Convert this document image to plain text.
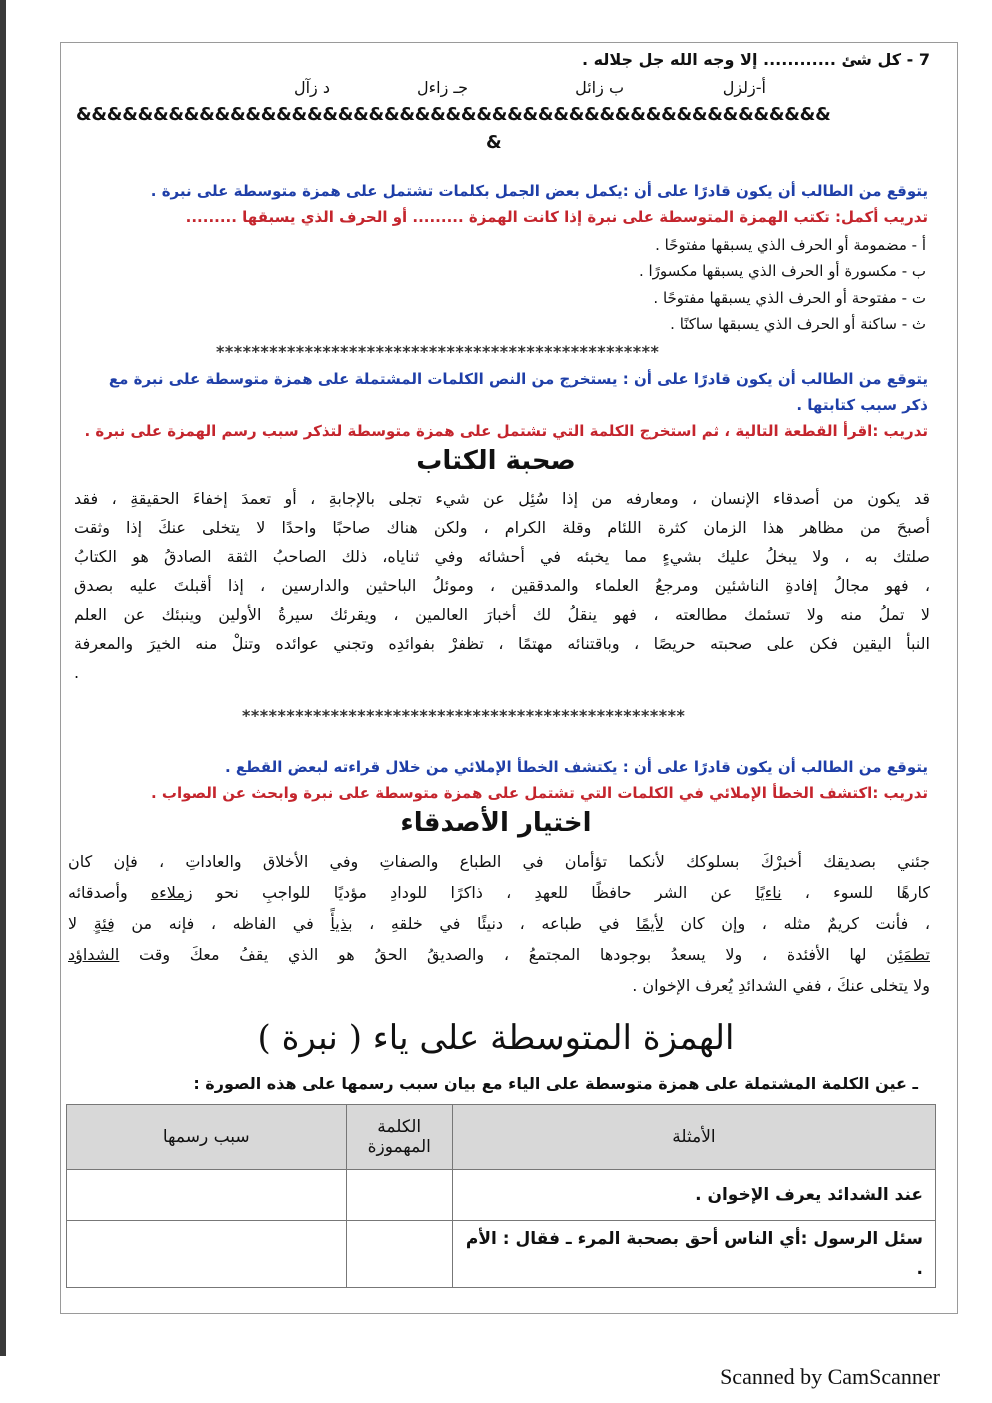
7 - كل شئ ............ إلا وجه الله جل جلاله .
أ-زلزل
ب زائل
جـ زاءل
د زآل
&&&&&&&&&&&&&&&&&&&&&&&&&&&&&&&&&&&&&&&&&&&&&&&&&
&
يتوقع من الطالب أن يكون قادرًا على أن :يكمل بعض الجمل بكلمات تشتمل على همزة متوسطة على نبرة .
تدريب أكمل: تكتب الهمزة المتوسطة على نبرة إذا كانت الهمزة ......... أو الحرف الذي يسبقها .........
أ - مضمومة أو الحرف الذي يسبقها مفتوحًا .
ب - مكسورة أو الحرف الذي يسبقها مكسورًا .
ت - مفتوحة أو الحرف الذي يسبقها مفتوحًا .
ث - ساكنة أو الحرف الذي يسبقها ساكنًا .
**************************************************
يتوقع من الطالب أن يكون قادرًا على أن : يستخرج من النص الكلمات المشتملة على همزة متوسطة على نبرة مع
ذكر سبب كتابتها .
تدريب :اقرأ القطعة التالية ، ثم استخرج الكلمة التي تشتمل على همزة متوسطة لتذكر سبب رسم الهمزة على نبرة .
صحبة الكتاب
قد يكون من أصدقاء الإنسان ، ومعارفه من إذا سُئِل عن شيء تجلى بالإجابةِ ، أو تعمدَ إخفاءَ الحقيقةِ ، فقد
أصبحَ من مظاهر هذا الزمان كثرة اللئام وقلة الكرام ، ولكن هناك صاحبًا واحدًا لا يتخلى عنكَ إذا وثقت
صلتك به ، ولا يبخلُ عليك بشيءٍ مما يخبئه في أحشائه وفي ثناياه، ذلك الصاحبُ الثقة الصادقُ هو الكتابُ
، فهو مجالُ إفادةِ الناشئين ومرجعُ العلماء والمدققين ، وموئلُ الباحثين والدارسين ، إذا أقبلتَ عليه بصدق
لا تملُ منه ولا تسئمك مطالعته ، فهو ينقلُ لك أخبارَ العالمين ، ويقرئك سيرةُ الأولين وينبئك عن العلم
النبأ اليقين فكن على صحبته حريصًا ، وباقتنائه مهتمًا ، تظفرْ بفوائدِه وتجني عوائده وتنلْ منه الخيرَ والمعرفة
.
**************************************************
يتوقع من الطالب أن يكون قادرًا على أن : يكتشف الخطأ الإملائي من خلال قراءته لبعض القطع .
تدريب :اكتشف الخطأ الإملائي في الكلمات التي تشتمل على همزة متوسطة على نبرة وابحث عن الصواب .
اختيار الأصدقاء
جئني بصديقك أخبرْكَ بسلوكك لأنكما تؤأمان في الطباع والصفاتِ وفي الأخلاق والعاداتِ ، فإن كان
كارهًا للسوء ، ناءيًا عن الشر حافظًا للعهدِ ، ذاكرًا للودادِ مؤديًا للواجبِ نحو زملاءه وأصدقائه
، فأنت كريمٌ مثله ، وإن كان لأيمًا في طباعه ، دنيئًا في خلقهِ ، بذيأً في الفاظه ، فإنه من فِئةٍ لا
تطمَئِن لها الأفئدة ، ولا يسعدُ بوجودها المجتمعُ ، والصديقُ الحقُ هو الذي يقفُ معكَ وقت الشداؤد
ولا يتخلى عنكَ ، ففي الشدائدِ يُعرف الإخوان .
الهمزة المتوسطة على ياء ( نبرة )
ـ عين الكلمة المشتملة على همزة متوسطة على الياء مع بيان سبب رسمها على هذه الصورة :
الأمثلة	الكلمة المهموزة	سبب رسمها
عند الشدائد يعرف الإخوان .		
سئل الرسول :أي الناس أحق بصحبة المرء ـ فقال : الأم .		
Scanned by CamScanner
